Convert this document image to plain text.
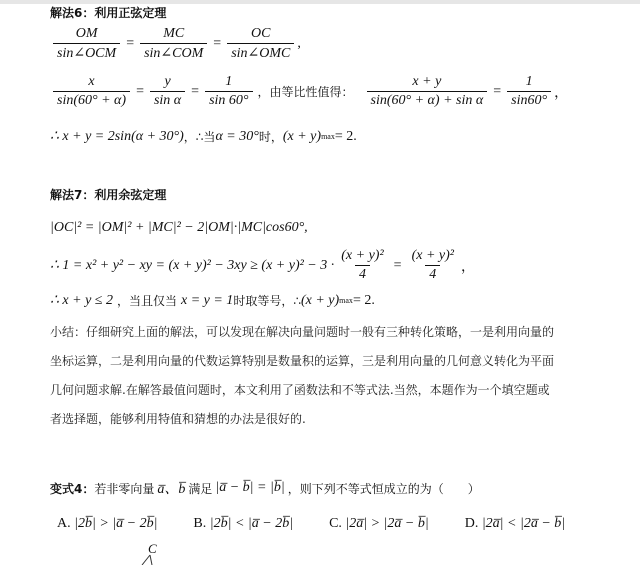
解法6：利用正弦定理
$\frac{OM}{\text{sin∠OCM}} = \frac{MC}{\text{sin∠COM}} = \frac{OC}{\text{sin∠OMC}}$ ,
$\frac{x}{\sin(60^\circ + \alpha)} = \frac{y}{\text{sin α}} = \frac{1}{\sin 60^\circ}$ ，由等比性值得： $\frac{x + y}{\text{sin(60° + α) + sin α}} = \frac{1}{\sin 60^\circ}$ ，
∴ x + y = 2sin(α + 30°) ，∴当 α = 30° 时， (x + y) max = 2.
解法7：利用余弦定理
|OC|² = |OM|² + |MC|² − 2|OM|·|MC|cos60°,
∴ 1 = x² + y² − xy = $(x + y)^2 - 3xy \ge (x + y)^2 - 3 \cdot \frac{\text{(x + y)²}}{4} = \frac{\text{(x + y)²}}{4}$ ，
∴ x + y ≤ 2 ，当且仅当 x = y = 1 时取等号，∴ (x + y) max = 2.
小结：仔细研究上面的解法，可以发现在解决向量问题时一般有三种转化策略，一是利用向量的坐标运算，二是利用向量的代数运算特别是数量积的运算，三是利用向量的几何意义转化为平面几何问题求解.在解答最值问题时，本文利用了函数法和不等式法.当然，本题作为一个填空题或者选择题，能够利用特值和猜想的办法是很好的.
变式4： 若非零向量 a̅、b̅ 满足 |a̅ − b̅| = |b̅| ，则下列不等式恒成立的为（　　）
A. |2b̅| > |a̅ − 2b̅|	B. |2b̅| < |a̅ − 2b̅|	C. |2a̅| > |2a̅ − b̅|	D. |2a̅| < |2a̅ − b̅|
C
